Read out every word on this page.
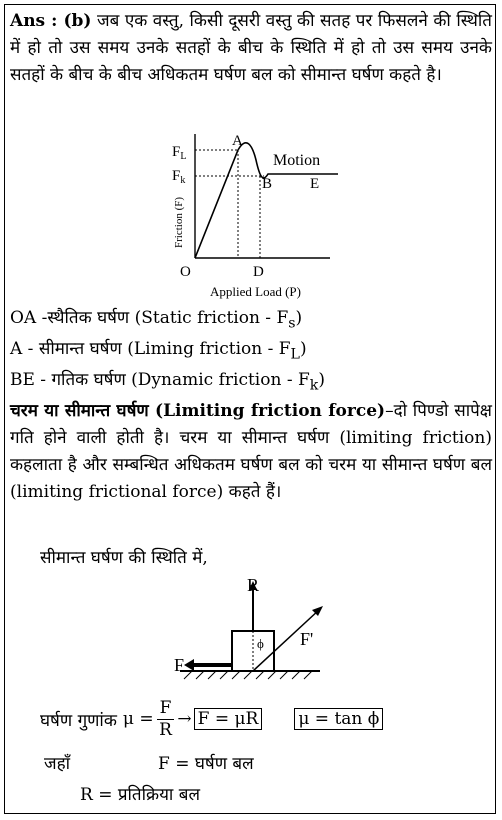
Ans : (b) जब एक वस्तु, किसी दूसरी वस्तु की सतह पर फिसलने की स्थिति में हो तो उस समय उनके सतहों के बीच के स्थिति में हो तो उस समय उनके सतहों के बीच के बीच अधिकतम घर्षण बल को सीमान्त घर्षण कहते है।
$F_L$
$F_k$
A
B	E
Motion
O	D
Applied Load (P)
Friction (F)
OA -स्थैतिक घर्षण (Static friction - $F_s$)
A - सीमान्त घर्षण (Liming friction - $F_L$)
BE - गतिक घर्षण (Dynamic friction - $F_k$)
चरम या सीमान्त घर्षण (Limiting friction force)–दो पिण्डो सापेक्ष गति होने वाली होती है। चरम या सीमान्त घर्षण (limiting friction) कहलाता है और सम्बन्धित अधिकतम घर्षण बल को चरम या सीमान्त घर्षण बल (limiting frictional force) कहते हैं।
सीमान्त घर्षण की स्थिति में,
R
F
F'
ϕ
घर्षण गुणांक $\mu = \frac{F}{R} \to F = \mu R$ μ = tan ϕ
जहाँ	F = घर्षण बल
R = प्रतिक्रिया बल
